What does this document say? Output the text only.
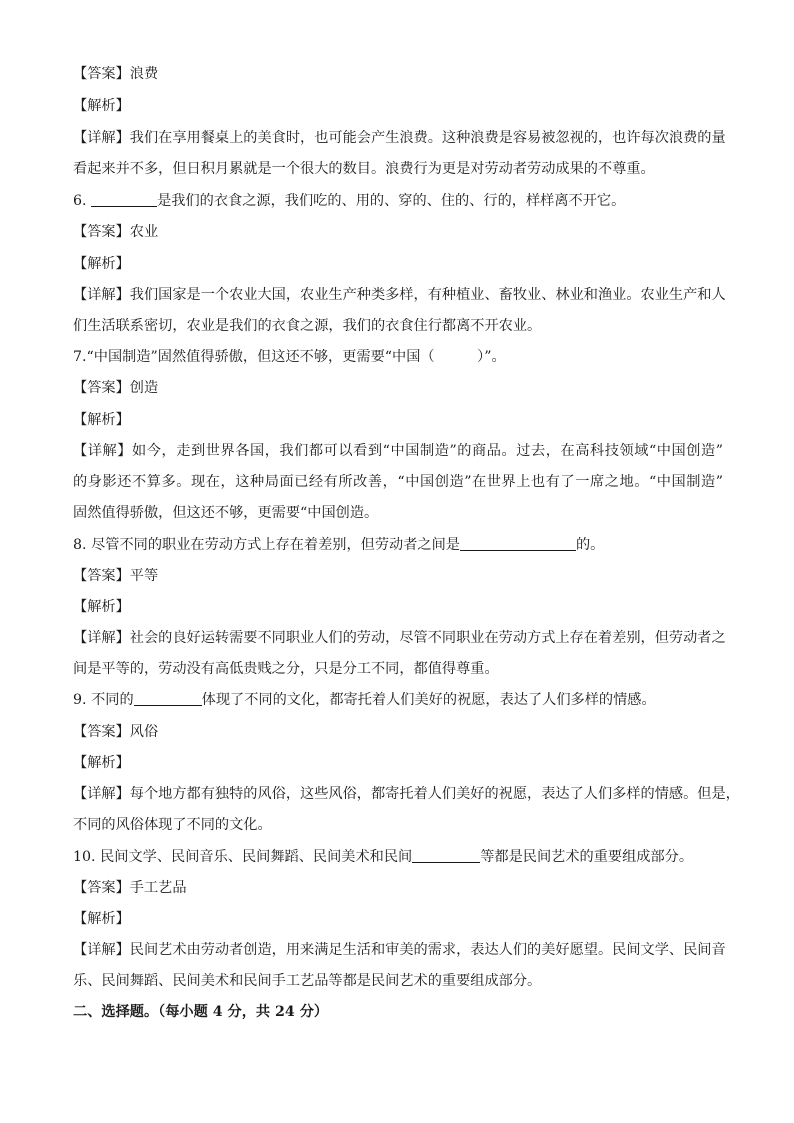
【答案】浪费
【解析】
【详解】我们在享用餐桌上的美食时，也可能会产生浪费。这种浪费是容易被忽视的，也许每次浪费的量
看起来并不多，但日积月累就是一个很大的数目。浪费行为更是对劳动者劳动成果的不尊重。
6.	是我们的衣食之源，我们吃的、用的、穿的、住的、行的，样样离不开它。
【答案】农业
【解析】
【详解】我们国家是一个农业大国，农业生产种类多样，有种植业、畜牧业、林业和渔业。农业生产和人
们生活联系密切，农业是我们的衣食之源，我们的衣食住行都离不开农业。
7.“中国制造”固然值得骄傲，但这还不够，更需要“中国（　　　）”。
【答案】创造
【解析】
【详解】如今，走到世界各国，我们都可以看到“中国制造”的商品。过去，在高科技领域“中国创造”
的身影还不算多。现在，这种局面已经有所改善，“中国创造”在世界上也有了一席之地。“中国制造”
固然值得骄傲，但这还不够，更需要“中国创造。
8. 尽管不同的职业在劳动方式上存在着差别，但劳动者之间是	的。
【答案】平等
【解析】
【详解】社会的良好运转需要不同职业人们的劳动，尽管不同职业在劳动方式上存在着差别，但劳动者之
间是平等的，劳动没有高低贵贱之分，只是分工不同，都值得尊重。
9. 不同的	体现了不同的文化，都寄托着人们美好的祝愿，表达了人们多样的情感。
【答案】风俗
【解析】
【详解】每个地方都有独特的风俗，这些风俗，都寄托着人们美好的祝愿，表达了人们多样的情感。但是，
不同的风俗体现了不同的文化。
10. 民间文学、民间音乐、民间舞蹈、民间美术和民间	等都是民间艺术的重要组成部分。
【答案】手工艺品
【解析】
【详解】民间艺术由劳动者创造，用来满足生活和审美的需求，表达人们的美好愿望。民间文学、民间音
乐、民间舞蹈、民间美术和民间手工艺品等都是民间艺术的重要组成部分。
二、选择题。（每小题 4 分，共 24 分）
